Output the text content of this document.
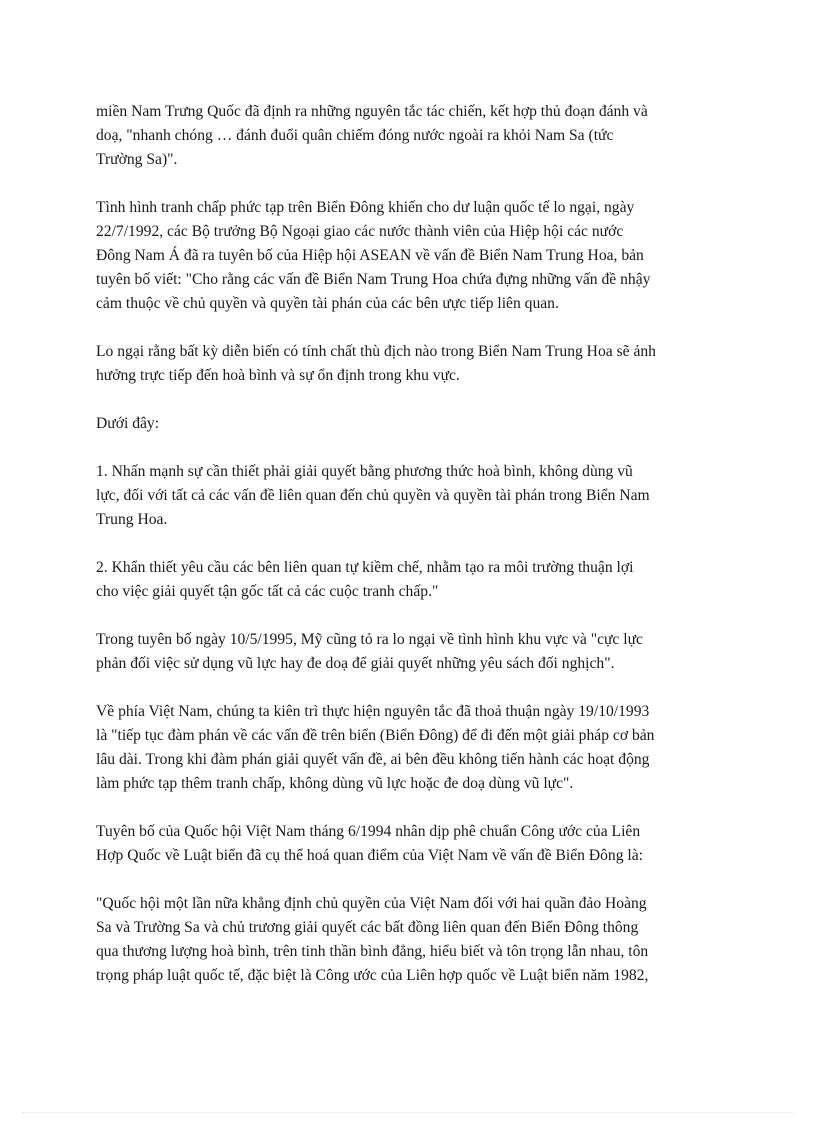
miền Nam Trưng Quốc đã định ra những nguyên tắc tác chiến, kết hợp thủ đoạn đánh và
doạ, "nhanh chóng … đánh đuổi quân chiếm đóng nước ngoài ra khỏi Nam Sa (tức
Trường Sa)".

Tình hình tranh chấp phức tạp trên Biển Đông khiến cho dư luận quốc tế lo ngại, ngày
22/7/1992, các Bộ trưởng Bộ Ngoại giao các nước thành viên của Hiệp hội các nước
Đông Nam Á đã ra tuyên bố của Hiệp hội ASEAN về vấn đề Biển Nam Trung Hoa, bản
tuyên bố viết: "Cho rằng các vấn đề Biển Nam Trung Hoa chứa đựng những vấn đề nhậy
cảm thuộc về chủ quyền và quyền tài phán của các bên ưực tiếp liên quan.

Lo ngại rằng bất kỳ diễn biến có tính chất thù địch nào trong Biển Nam Trung Hoa sẽ ảnh
hưởng trực tiếp đến hoà bình và sự ổn định trong khu vực.

Dưới đây:

1. Nhấn mạnh sự cần thiết phải giải quyết bằng phương thức hoà bình, không dùng vũ
lực, đối với tất cả các vấn đề liên quan đến chủ quyền và quyền tài phán trong Biển Nam
Trung Hoa.

2. Khẩn thiết yêu cầu các bên liên quan tự kiềm chế, nhằm tạo ra môi trường thuận lợi
cho việc giải quyết tận gốc tất cả các cuộc tranh chấp."

Trong tuyên bố ngày 10/5/1995, Mỹ cũng tỏ ra lo ngại về tình hình khu vực và "cực lực
phản đối việc sử dụng vũ lực hay đe doạ để giải quyết những yêu sách đối nghịch".

Về phía Việt Nam, chúng ta kiên trì thực hiện nguyên tắc đã thoả thuận ngày 19/10/1993
là "tiếp tục đàm phán về các vấn đề trên biển (Biển Đông) để đi đến một giải pháp cơ bản
lâu dài. Trong khi đàm phán giải quyết vấn đề, ai bên đều không tiến hành các hoạt động
làm phức tạp thêm tranh chấp, không dùng vũ lực hoặc đe doạ dùng vũ lực".

Tuyên bố của Quốc hội Việt Nam tháng 6/1994 nhân dịp phê chuẩn Công ước của Liên
Hợp Quốc về Luật biển đã cụ thể hoá quan điểm của Việt Nam về vấn đề Biển Đông là:

"Quốc hội một lần nữa khẳng định chủ quyền của Việt Nam đối với hai quần đảo Hoàng
Sa và Trường Sa và chủ trương giải quyết các bất đồng liên quan đến Biển Đông thông
qua thương lượng hoà bình, trên tinh thần bình đẳng, hiểu biết và tôn trọng lẫn nhau, tôn
trọng pháp luật quốc tế, đặc biệt là Công ước của Liên hợp quốc về Luật biển năm 1982,
